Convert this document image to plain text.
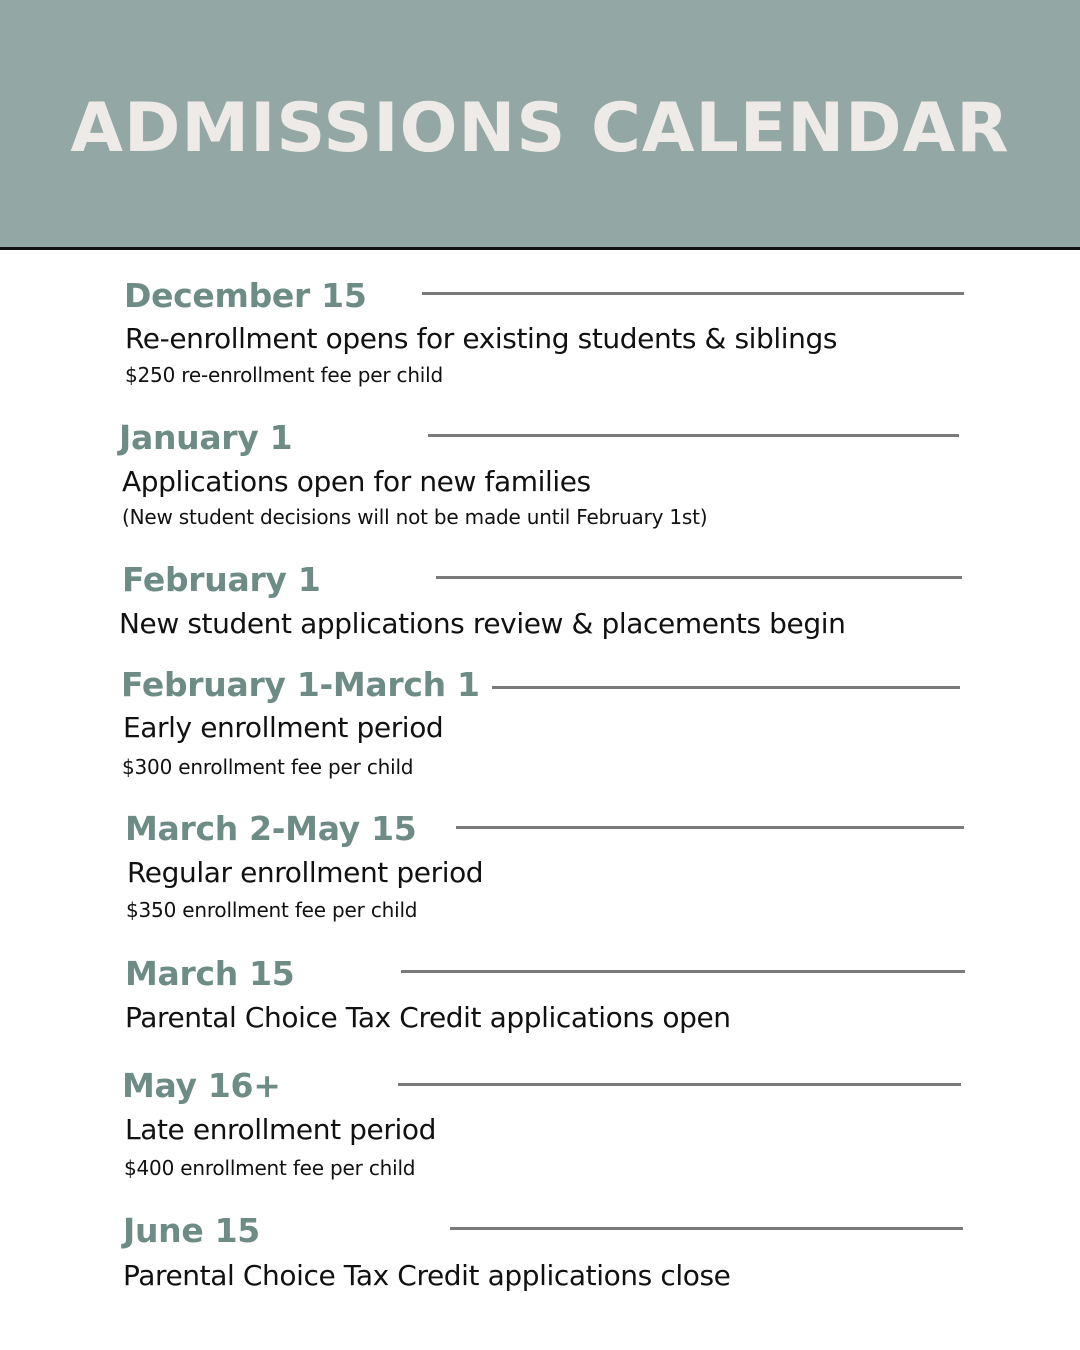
ADMISSIONS CALENDAR
December 15
Re-enrollment opens for existing students & siblings
$250 re-enrollment fee per child
January 1
Applications open for new families
(New student decisions will not be made until February 1st)
February 1
New student applications review & placements begin
February 1-March 1
Early enrollment period
$300 enrollment fee per child
March 2-May 15
Regular enrollment period
$350 enrollment fee per child
March 15
Parental Choice Tax Credit applications open
May 16+
Late enrollment period
$400 enrollment fee per child
June 15
Parental Choice Tax Credit applications close
